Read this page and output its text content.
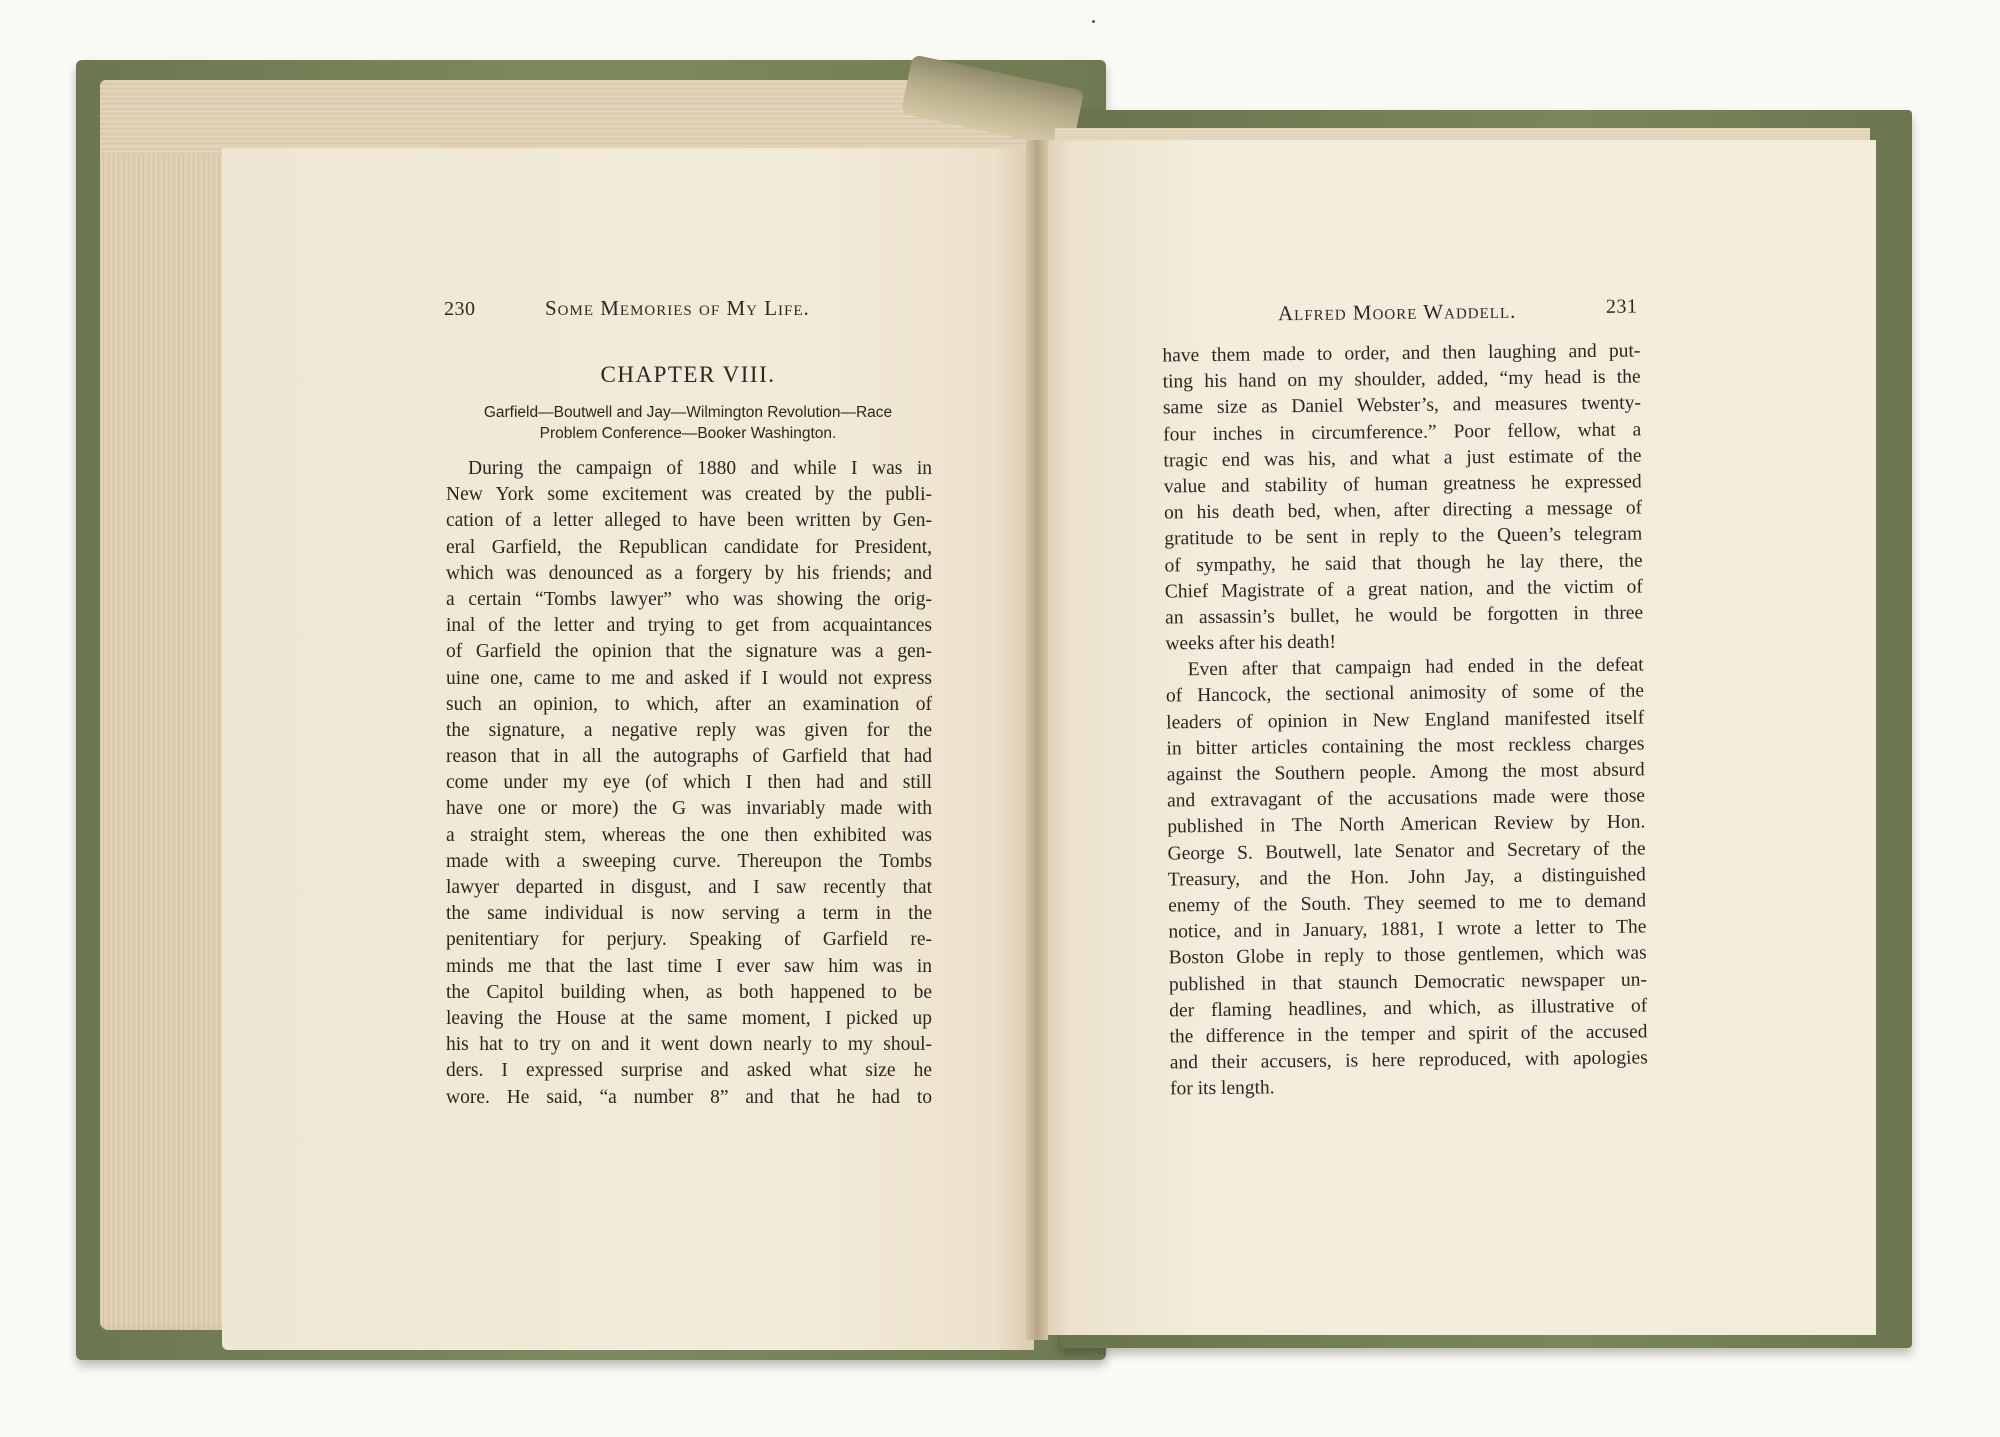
230	Some Memories of My Life.
CHAPTER VIII.
Garfield—Boutwell and Jay—Wilmington Revolution—Race
Problem Conference—Booker Washington.
During the campaign of 1880 and while I was in
New York some excitement was created by the publi-
cation of a letter alleged to have been written by Gen-
eral Garfield, the Republican candidate for President,
which was denounced as a forgery by his friends; and
a certain “Tombs lawyer” who was showing the orig-
inal of the letter and trying to get from acquaintances
of Garfield the opinion that the signature was a gen-
uine one, came to me and asked if I would not express
such an opinion, to which, after an examination of
the signature, a negative reply was given for the
reason that in all the autographs of Garfield that had
come under my eye (of which I then had and still
have one or more) the G was invariably made with
a straight stem, whereas the one then exhibited was
made with a sweeping curve. Thereupon the Tombs
lawyer departed in disgust, and I saw recently that
the same individual is now serving a term in the
penitentiary for perjury. Speaking of Garfield re-
minds me that the last time I ever saw him was in
the Capitol building when, as both happened to be
leaving the House at the same moment, I picked up
his hat to try on and it went down nearly to my shoul-
ders. I expressed surprise and asked what size he
wore. He said, “a number 8” and that he had to
Alfred Moore Waddell.	231
have them made to order, and then laughing and put-
ting his hand on my shoulder, added, “my head is the
same size as Daniel Webster’s, and measures twenty-
four inches in circumference.” Poor fellow, what a
tragic end was his, and what a just estimate of the
value and stability of human greatness he expressed
on his death bed, when, after directing a message of
gratitude to be sent in reply to the Queen’s telegram
of sympathy, he said that though he lay there, the
Chief Magistrate of a great nation, and the victim of
an assassin’s bullet, he would be forgotten in three
weeks after his death!
Even after that campaign had ended in the defeat
of Hancock, the sectional animosity of some of the
leaders of opinion in New England manifested itself
in bitter articles containing the most reckless charges
against the Southern people. Among the most absurd
and extravagant of the accusations made were those
published in The North American Review by Hon.
George S. Boutwell, late Senator and Secretary of the
Treasury, and the Hon. John Jay, a distinguished
enemy of the South. They seemed to me to demand
notice, and in January, 1881, I wrote a letter to The
Boston Globe in reply to those gentlemen, which was
published in that staunch Democratic newspaper un-
der flaming headlines, and which, as illustrative of
the difference in the temper and spirit of the accused
and their accusers, is here reproduced, with apologies
for its length.
